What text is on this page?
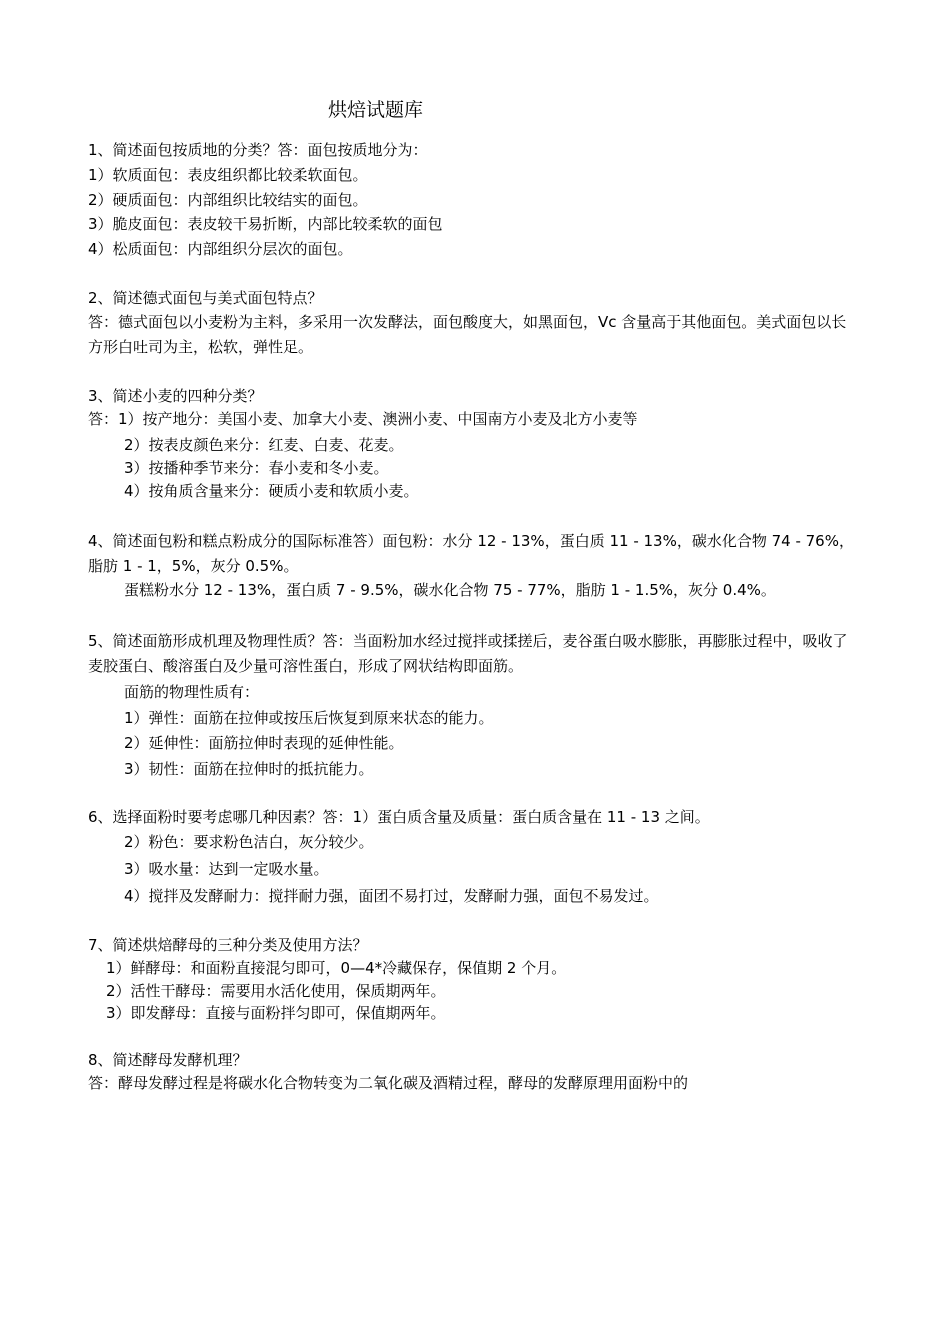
烘焙试题库
1、简述面包按质地的分类？答：面包按质地分为：
1）软质面包：表皮组织都比较柔软面包。
2）硬质面包：内部组织比较结实的面包。
3）脆皮面包：表皮较干易折断，内部比较柔软的面包
4）松质面包：内部组织分层次的面包。
2、简述德式面包与美式面包特点？
答：德式面包以小麦粉为主料，多采用一次发酵法，面包酸度大，如黑面包，Vc 含量高于其他面包。美式面包以长方形白吐司为主，松软，弹性足。
3、简述小麦的四种分类？
答：1）按产地分：美国小麦、加拿大小麦、澳洲小麦、中国南方小麦及北方小麦等
2）按表皮颜色来分：红麦、白麦、花麦。
3）按播种季节来分：春小麦和冬小麦。
4）按角质含量来分：硬质小麦和软质小麦。
4、简述面包粉和糕点粉成分的国际标准答）面包粉：水分 12 - 13%，蛋白质 11 - 13%，碳水化合物 74 - 76%，脂肪 1 - 1，5%，灰分 0.5%。
蛋糕粉水分 12 - 13%，蛋白质 7 - 9.5%，碳水化合物 75 - 77%，脂肪 1 - 1.5%，灰分 0.4%。
5、简述面筋形成机理及物理性质？答：当面粉加水经过搅拌或揉搓后，麦谷蛋白吸水膨胀，再膨胀过程中，吸收了麦胶蛋白、酸溶蛋白及少量可溶性蛋白，形成了网状结构即面筋。
面筋的物理性质有：
1）弹性：面筋在拉伸或按压后恢复到原来状态的能力。
2）延伸性：面筋拉伸时表现的延伸性能。
3）韧性：面筋在拉伸时的抵抗能力。
6、选择面粉时要考虑哪几种因素？答：1）蛋白质含量及质量：蛋白质含量在 11 - 13 之间。
2）粉色：要求粉色洁白，灰分较少。
3）吸水量：达到一定吸水量。
4）搅拌及发酵耐力：搅拌耐力强，面团不易打过，发酵耐力强，面包不易发过。
7、简述烘焙酵母的三种分类及使用方法？
1）鲜酵母：和面粉直接混匀即可，0—4*冷藏保存，保值期 2 个月。
2）活性干酵母：需要用水活化使用，保质期两年。
3）即发酵母：直接与面粉拌匀即可，保值期两年。
8、简述酵母发酵机理？
答：酵母发酵过程是将碳水化合物转变为二氧化碳及酒精过程，酵母的发酵原理用面粉中的
